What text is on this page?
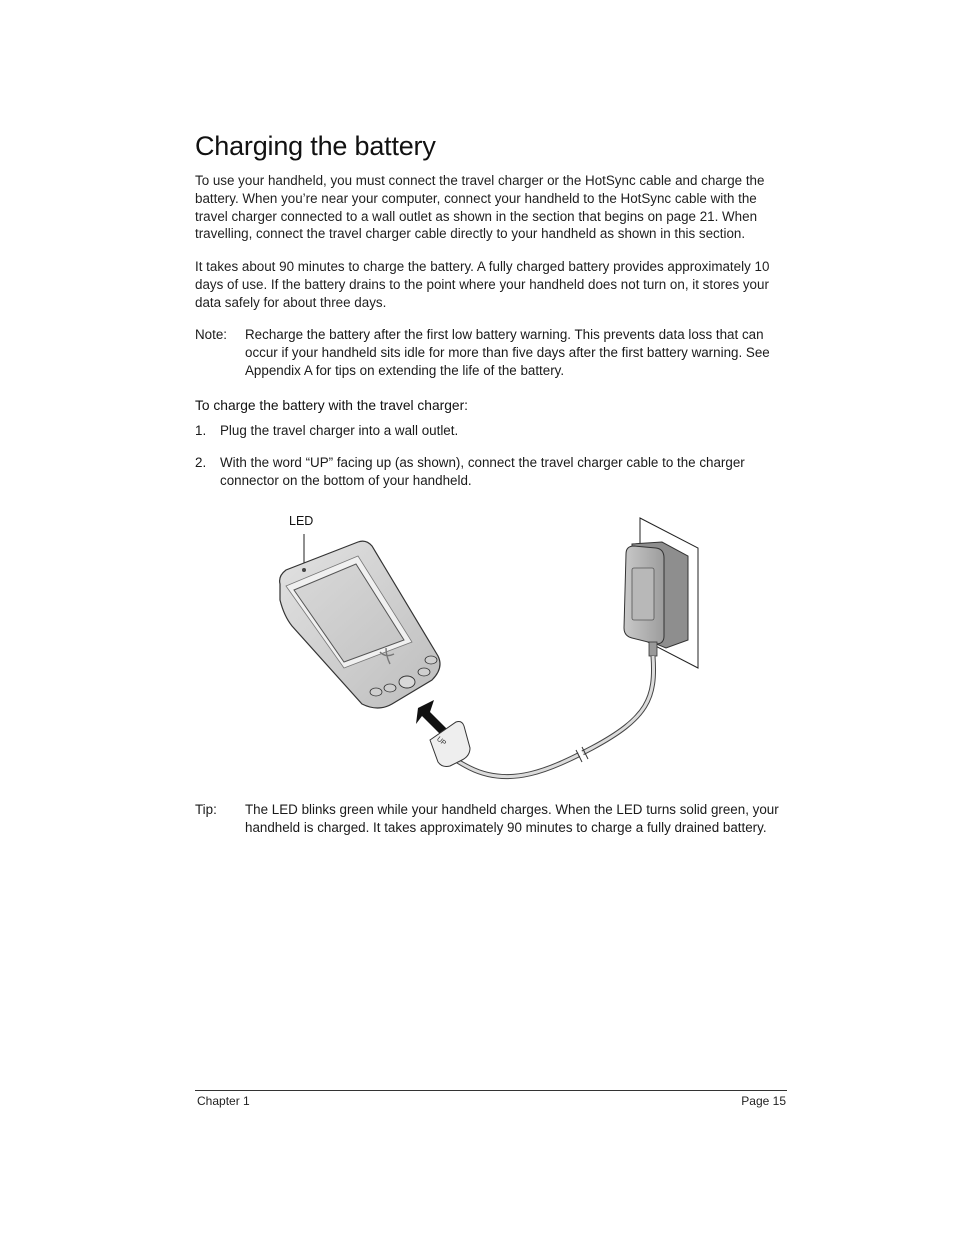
Charging the battery

To use your handheld, you must connect the travel charger or the HotSync cable and charge the battery. When you’re near your computer, connect your handheld to the HotSync cable with the travel charger connected to a wall outlet as shown in the section that begins on page 21. When travelling, connect the travel charger cable directly to your handheld as shown in this section.

It takes about 90 minutes to charge the battery. A fully charged battery provides approximately 10 days of use. If the battery drains to the point where your handheld does not turn on, it stores your data safely for about three days.

Note: Recharge the battery after the first low battery warning. This prevents data loss that can occur if your handheld sits idle for more than five days after the first battery warning. See Appendix A for tips on extending the life of the battery.

To charge the battery with the travel charger:
1. Plug the travel charger into a wall outlet.

2. With the word “UP” facing up (as shown), connect the travel charger cable to the charger connector on the bottom of your handheld.

LED
UP
Tip: The LED blinks green while your handheld charges. When the LED turns solid green, your handheld is charged. It takes approximately 90 minutes to charge a fully drained battery.

Chapter 1	Page 15
